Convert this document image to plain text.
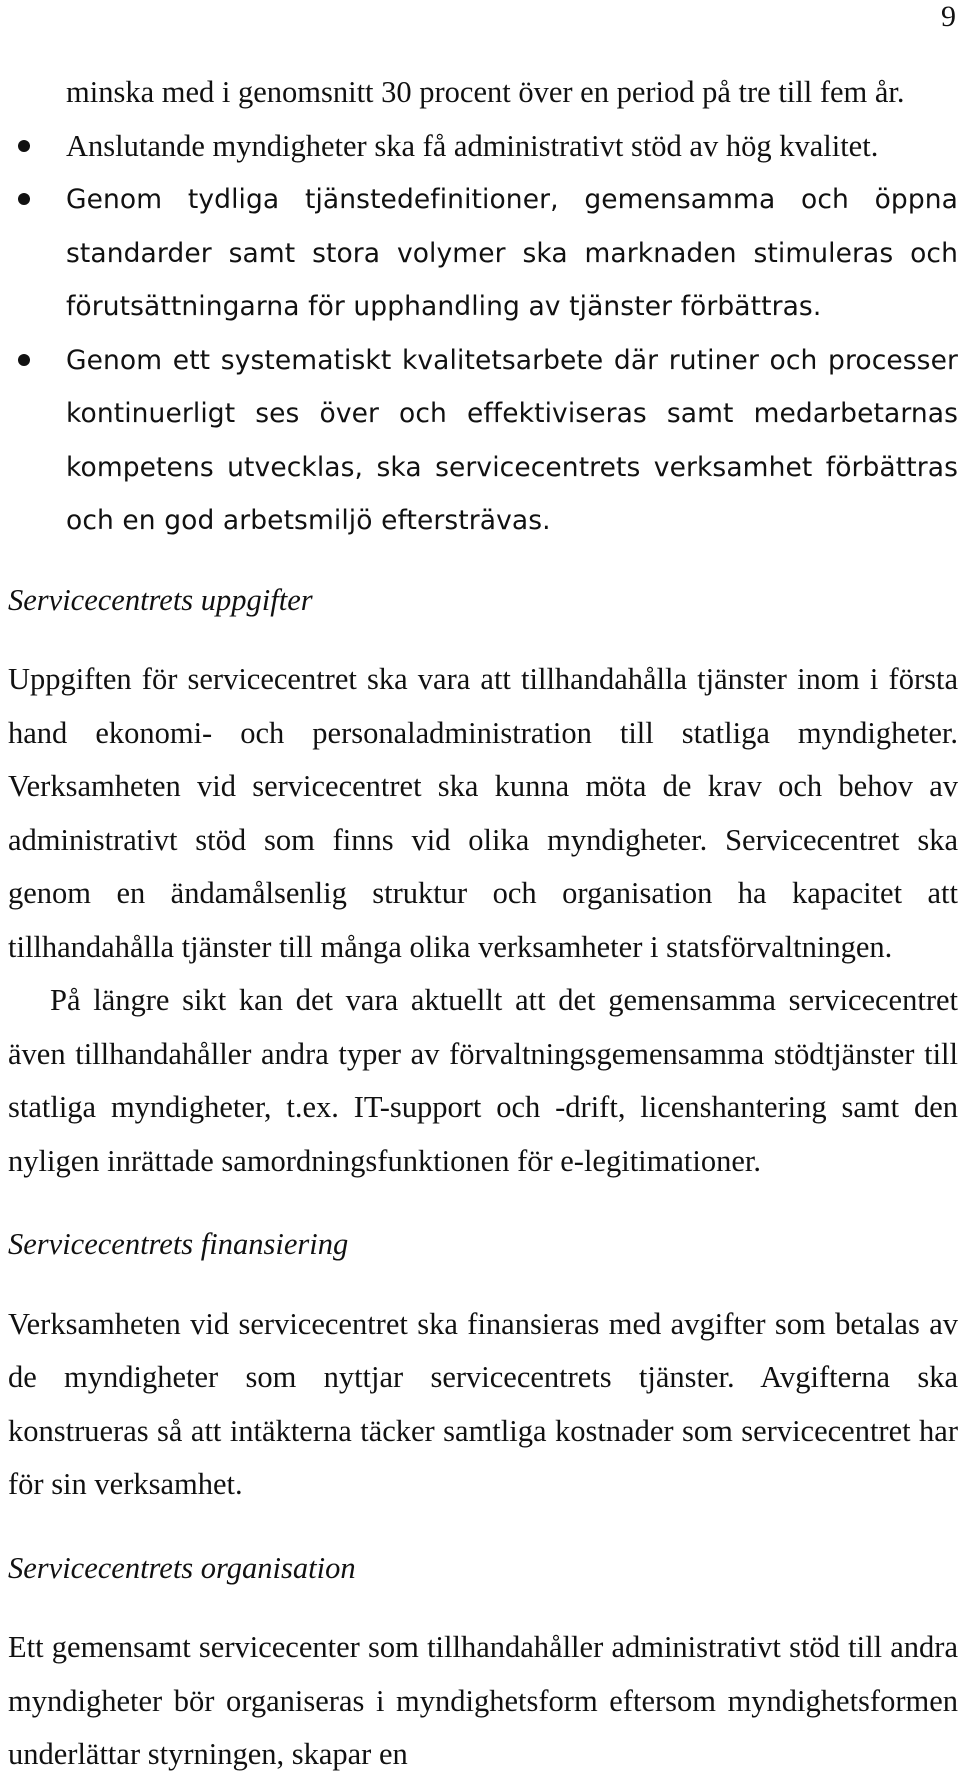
9
minska med i genomsnitt 30 procent över en period på tre till fem år.
Anslutande myndigheter ska få administrativt stöd av hög kvalitet.
Genom tydliga tjänstedefinitioner, gemensamma och öppna standarder samt stora volymer ska marknaden stimuleras och förutsättningarna för upphandling av tjänster förbättras.
Genom ett systematiskt kvalitetsarbete där rutiner och processer kontinuerligt ses över och effektiviseras samt medarbetarnas kompetens utvecklas, ska servicecentrets verksamhet förbättras och en god arbetsmiljö eftersträvas.
Servicecentrets uppgifter

Uppgiften för servicecentret ska vara att tillhandahålla tjänster inom i första hand ekonomi- och personaladministration till statliga myndigheter. Verksamheten vid servicecentret ska kunna möta de krav och behov av administrativt stöd som finns vid olika myndigheter. Servicecentret ska genom en ändamålsenlig struktur och organisation ha kapacitet att tillhandahålla tjänster till många olika verksamheter i statsförvaltningen.

På längre sikt kan det vara aktuellt att det gemensamma servicecentret även tillhandahåller andra typer av förvaltningsgemensamma stödtjänster till statliga myndigheter, t.ex. IT-support och -drift, licenshantering samt den nyligen inrättade samordningsfunktionen för e-legitimationer.

Servicecentrets finansiering

Verksamheten vid servicecentret ska finansieras med avgifter som betalas av de myndigheter som nyttjar servicecentrets tjänster. Avgifterna ska konstrueras så att intäkterna täcker samtliga kostnader som servicecentret har för sin verksamhet.

Servicecentrets organisation

Ett gemensamt servicecenter som tillhandahåller administrativt stöd till andra myndigheter bör organiseras i myndighetsform eftersom myndighetsformen underlättar styrningen, skapar en
